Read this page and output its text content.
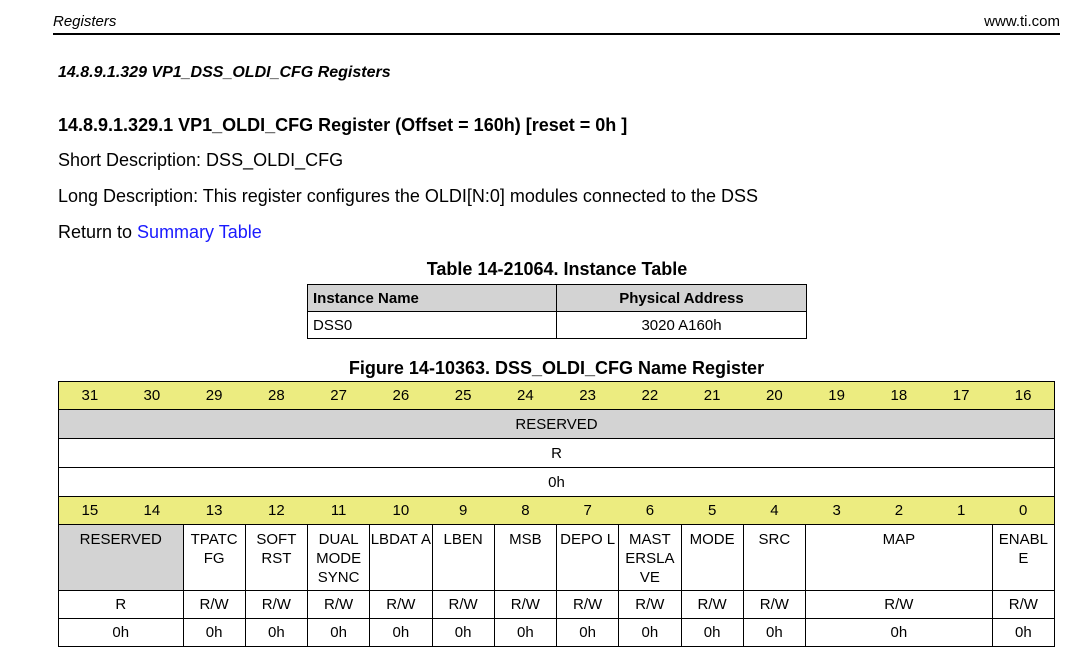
Registers	www.ti.com
14.8.9.1.329 VP1_DSS_OLDI_CFG Registers
14.8.9.1.329.1 VP1_OLDI_CFG Register (Offset = 160h) [reset = 0h ]
Short Description: DSS_OLDI_CFG
Long Description: This register configures the OLDI[N:0] modules connected to the DSS
Return to Summary Table
Table 14-21064. Instance Table
Instance Name	Physical Address
DSS0	3020 A160h
Figure 14-10363. DSS_OLDI_CFG Name Register
31	30	29	28	27	26	25	24	23	22	21	20	19	18	17	16
RESERVED															
R															
0h															
15	14	13	12	11	10	9	8	7	6	5	4	3	2	1	0
RESERVED		TPATC FG	SOFT RST	DUAL MODE SYNC	LBDAT A	LBEN	MSB	DEPO L	MAST ERSLA VE	MODE	SRC	MAP			ENABL E
R		R/W	R/W	R/W	R/W	R/W	R/W	R/W	R/W	R/W	R/W	R/W			R/W
0h		0h	0h	0h	0h	0h	0h	0h	0h	0h	0h	0h			0h
